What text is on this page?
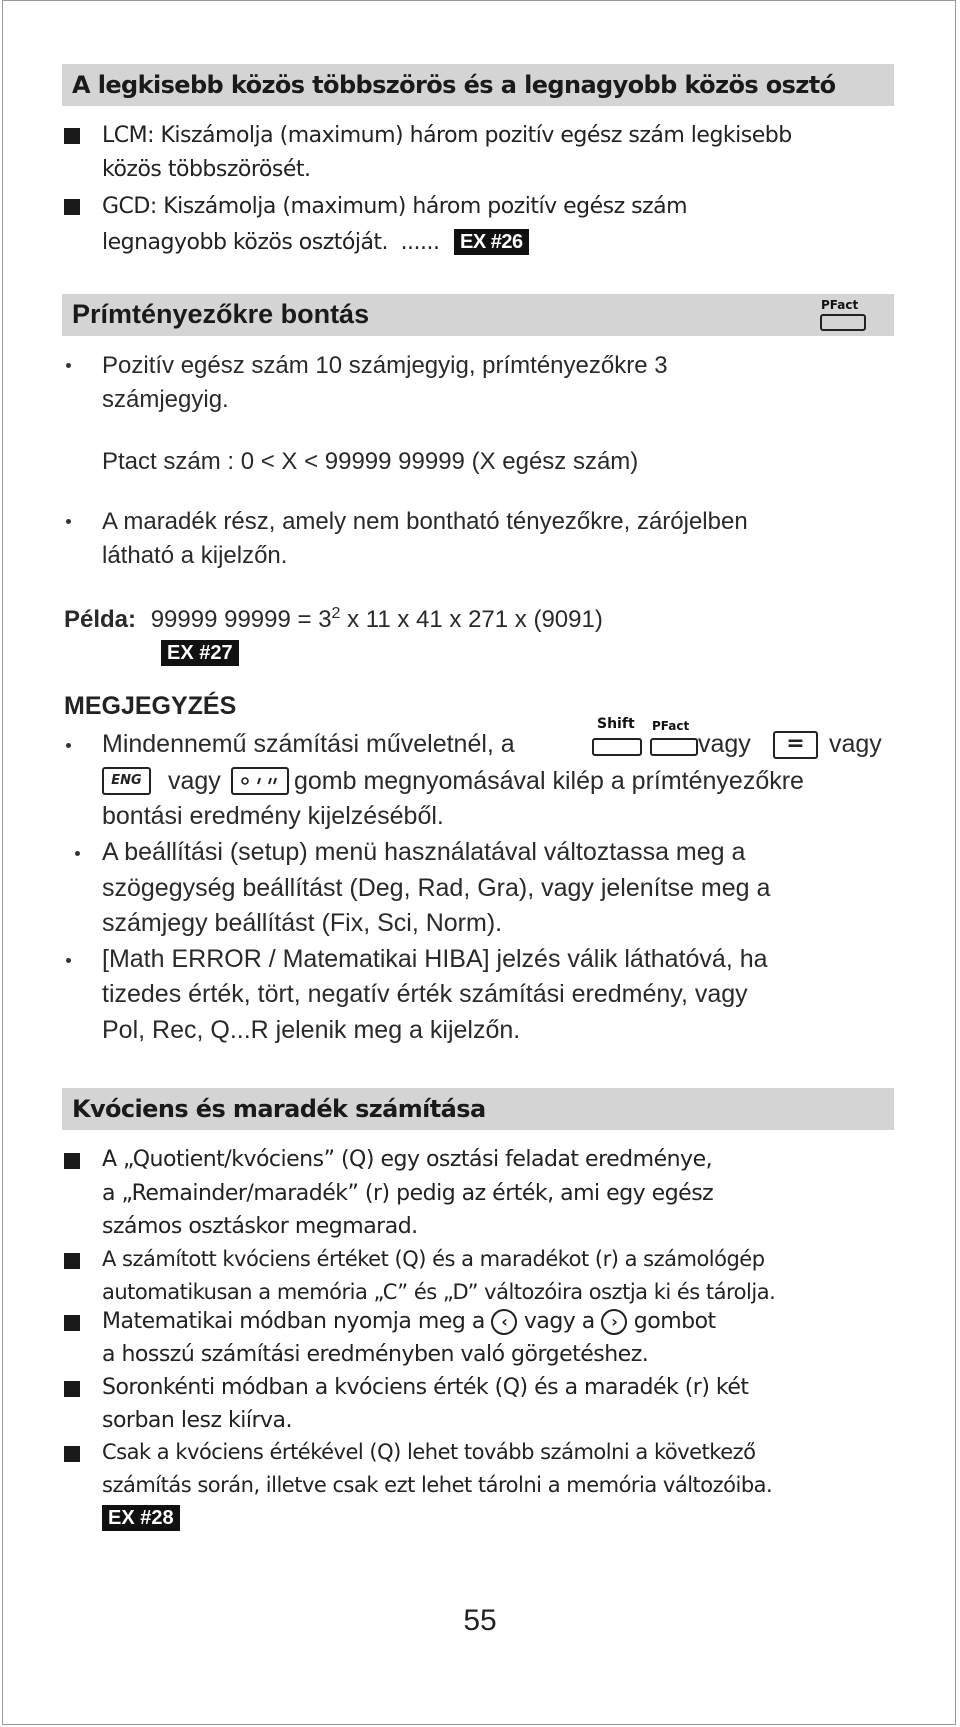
A legkisebb közös többszörös és a legnagyobb közös osztó
LCM: Kiszámolja (maximum) három pozitív egész szám legkisebb
közös többszörösét.
GCD: Kiszámolja (maximum) három pozitív egész szám
legnagyobb közös osztóját. ...... EX #26
Prímtényezőkre bontás	PFact
Pozitív egész szám 10 számjegyig, prímtényezőkre 3
számjegyig.
Ptact szám : 0 < X < 99999 99999 (X egész szám)
A maradék rész, amely nem bontható tényezőkre, zárójelben
látható a kijelzőn.
Példa: 99999 $99999 = 3^2$ x 11 x 41 x 271 x (9091)
EX #27
MEGJEGYZÉS
Mindennemű számítási műveletnél, a
Shift PFact
vagy	= vagy
ENG	vagy	gomb megnyomásával kilép a prímtényezőkre
bontási eredmény kijelzéséből.
A beállítási (setup) menü használatával változtassa meg a
szögegység beállítást (Deg, Rad, Gra), vagy jelenítse meg a
számjegy beállítást (Fix, Sci, Norm).
[Math ERROR / Matematikai HIBA] jelzés válik láthatóvá, ha
tizedes érték, tört, negatív érték számítási eredmény, vagy
Pol, Rec, Q...R jelenik meg a kijelzőn.
Kvóciens és maradék számítása
A „Quotient/kvóciens” (Q) egy osztási feladat eredménye,
a „Remainder/maradék” (r) pedig az érték, ami egy egész
számos osztáskor megmarad.
A számított kvóciens értéket (Q) és a maradékot (r) a számológép
automatikusan a memória „C” és „D” változóira osztja ki és tárolja.
Matematikai módban nyomja meg a ‹ vagy a › gombot
a hosszú számítási eredményben való görgetéshez.
Soronkénti módban a kvóciens érték (Q) és a maradék (r) két
sorban lesz kiírva.
Csak a kvóciens értékével (Q) lehet tovább számolni a következő
számítás során, illetve csak ezt lehet tárolni a memória változóiba.
EX #28
55
